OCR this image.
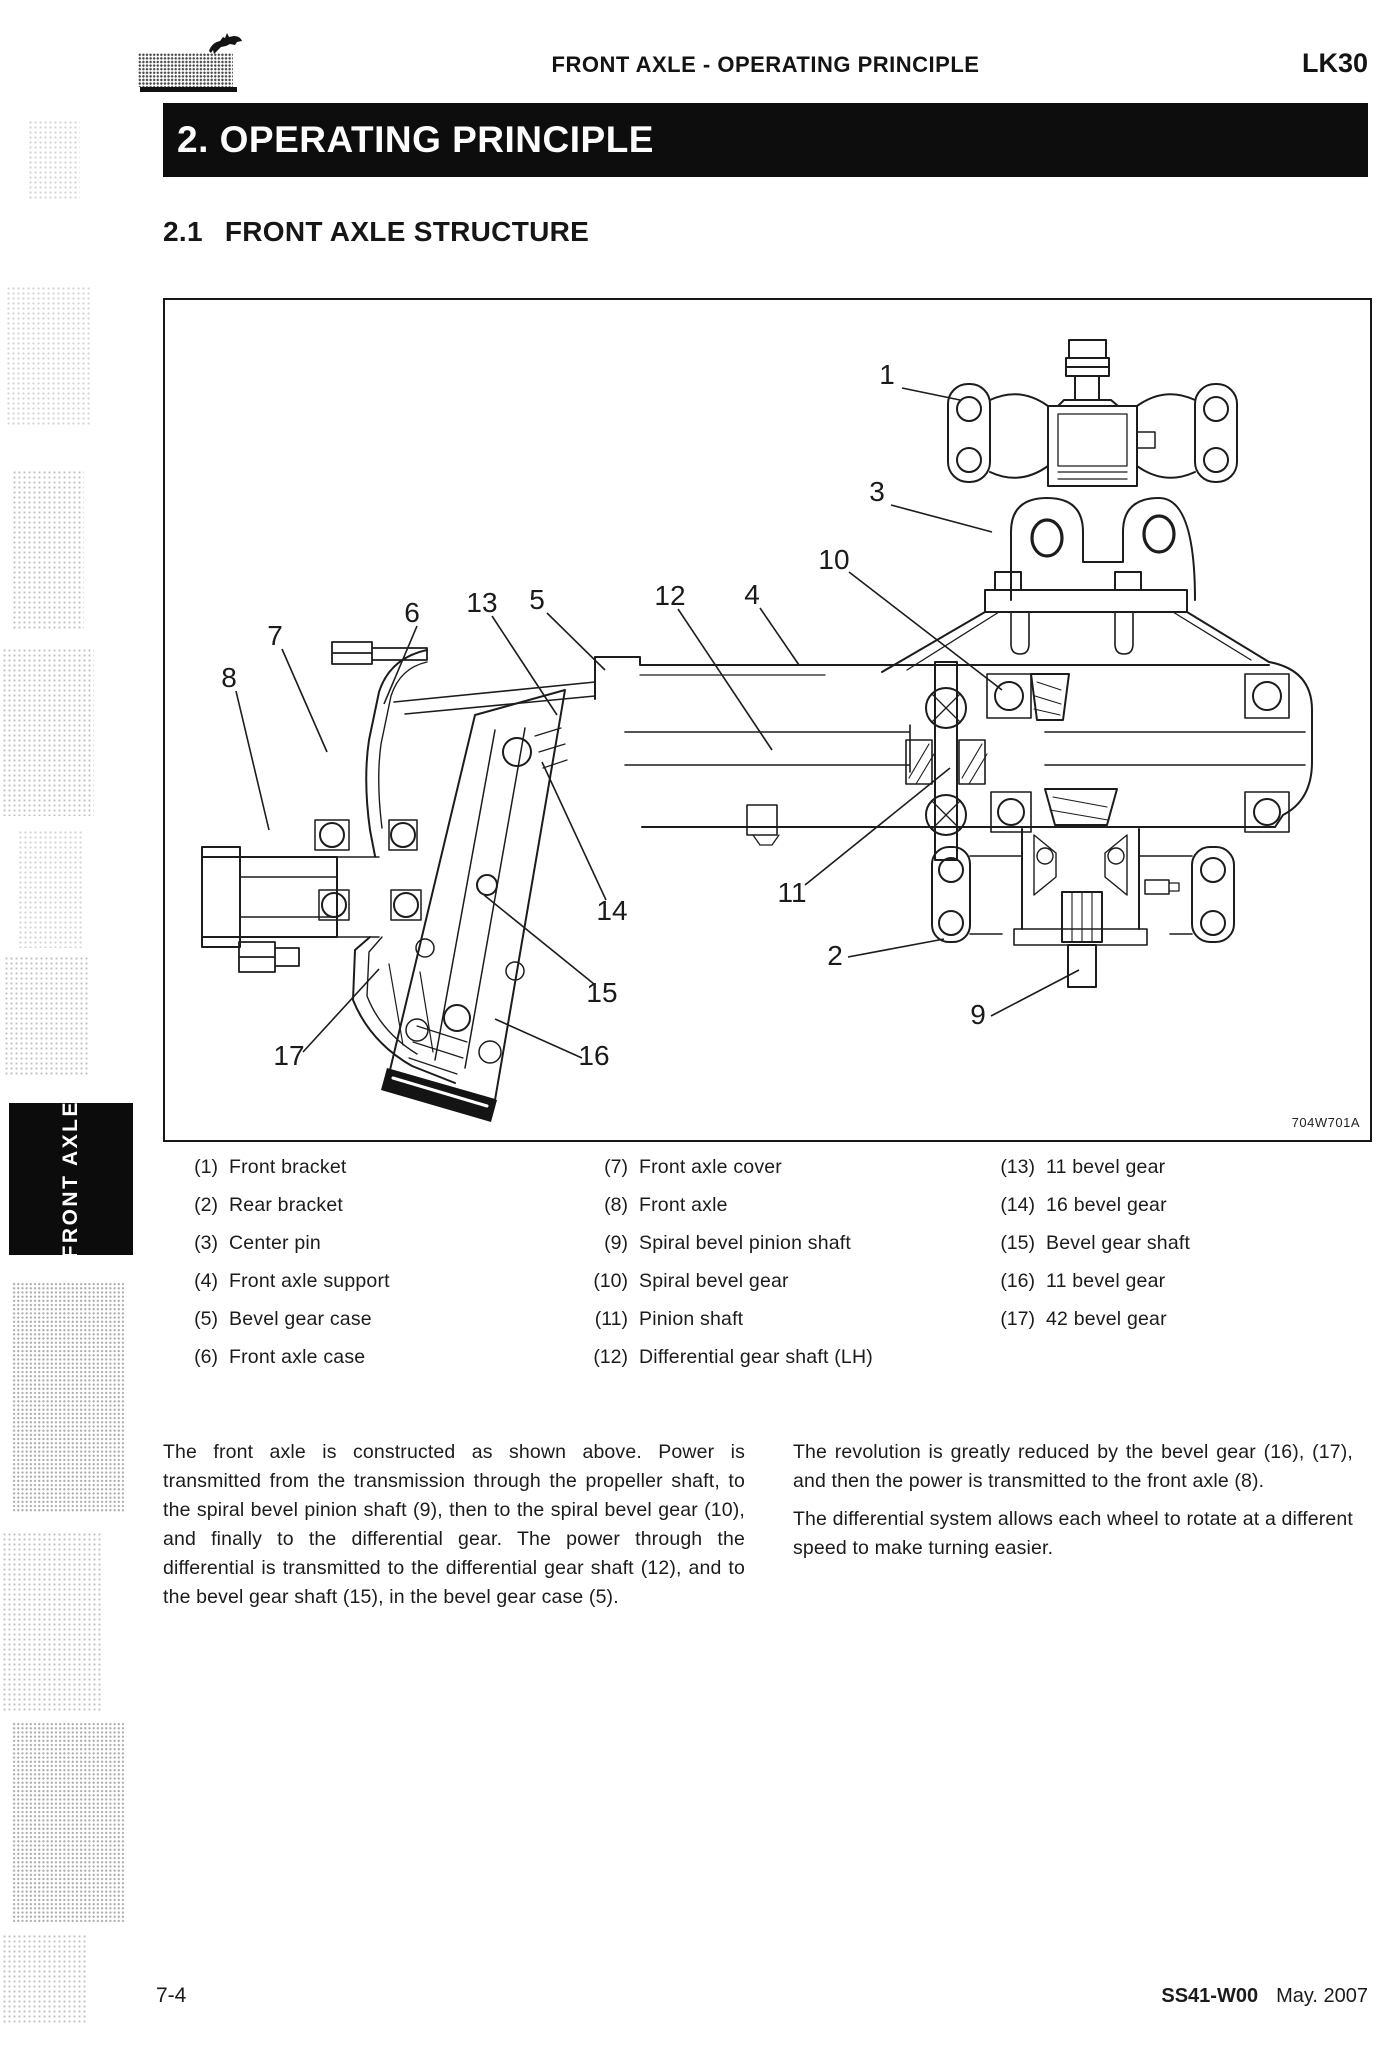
FRONT AXLE - OPERATING PRINCIPLE	LK30
2. OPERATING PRINCIPLE
2.1 FRONT AXLE STRUCTURE
1
3
10
6 13 5	12 4
7
8
14
15
16
17
11
2
9
704W701A
(1) Front bracket
(2) Rear bracket
(3) Center pin
(4) Front axle support
(5) Bevel gear case
(6) Front axle case
(7) Front axle cover
(8) Front axle
(9) Spiral bevel pinion shaft
(10) Spiral bevel gear
(11) Pinion shaft
(12) Differential gear shaft (LH)
(13) 11 bevel gear
(14) 16 bevel gear
(15) Bevel gear shaft
(16) 11 bevel gear
(17) 42 bevel gear
The front axle is constructed as shown above. Power is transmitted from the transmission through the propeller shaft, to the spiral bevel pinion shaft (9), then to the spiral bevel gear (10), and finally to the differential gear. The power through the differential is transmitted to the differential gear shaft (12), and to the bevel gear shaft (15), in the bevel gear case (5).

The revolution is greatly reduced by the bevel gear (16), (17), and then the power is transmitted to the front axle (8).

The differential system allows each wheel to rotate at a different speed to make turning easier.

FRONT AXLE
7-4	SS41-W00 May. 2007
